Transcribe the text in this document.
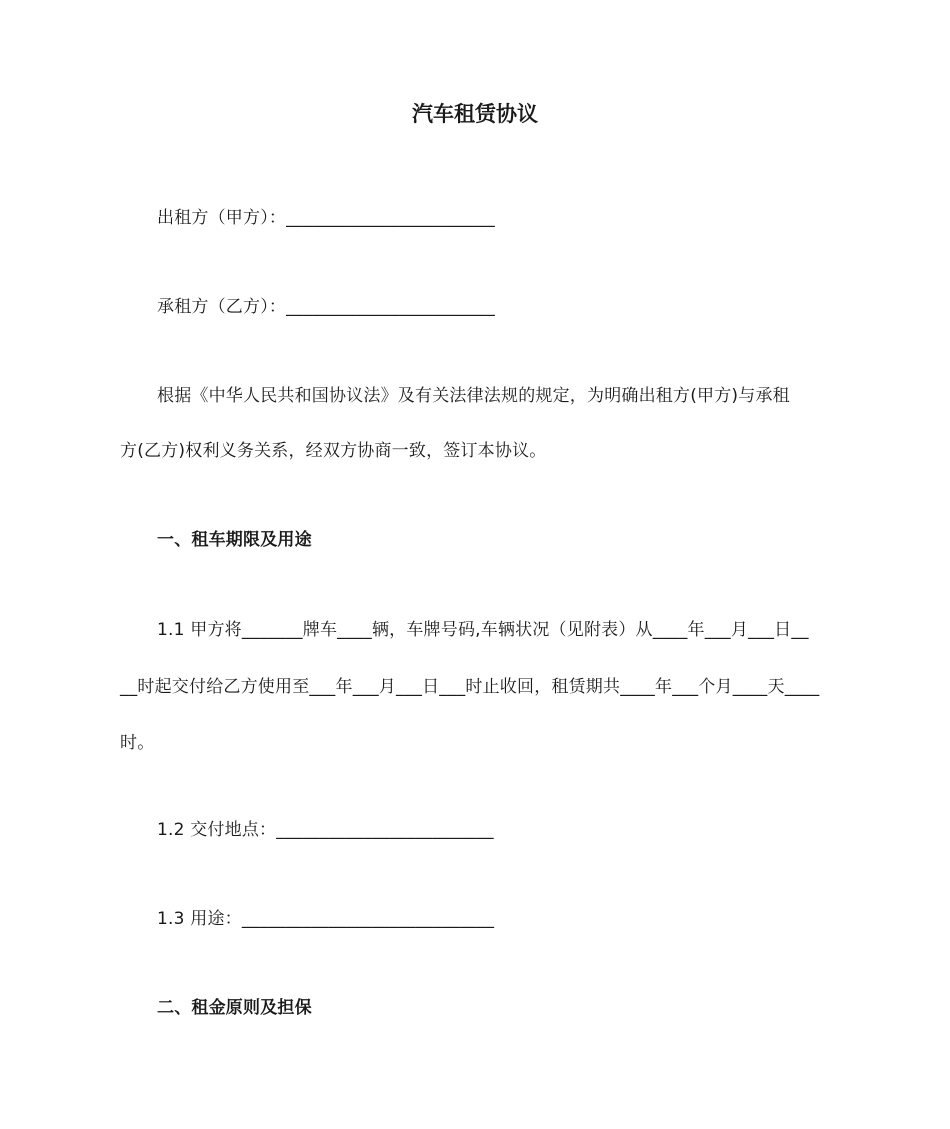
汽车租赁协议
出租方（甲方）：________________________
承租方（乙方）：________________________
根据《中华人民共和国协议法》及有关法律法规的规定，为明确出租方(甲方)与承租
方(乙方)权利义务关系，经双方协商一致，签订本协议。
一、租车期限及用途
1.1 甲方将_______牌车____辆，车牌号码,车辆状况（见附表）从____年___月___日__
__时起交付给乙方使用至___年___月___日___时止收回，租赁期共____年___个月____天____
时。
1.2 交付地点：_________________________
1.3 用途：_____________________________
二、租金原则及担保
